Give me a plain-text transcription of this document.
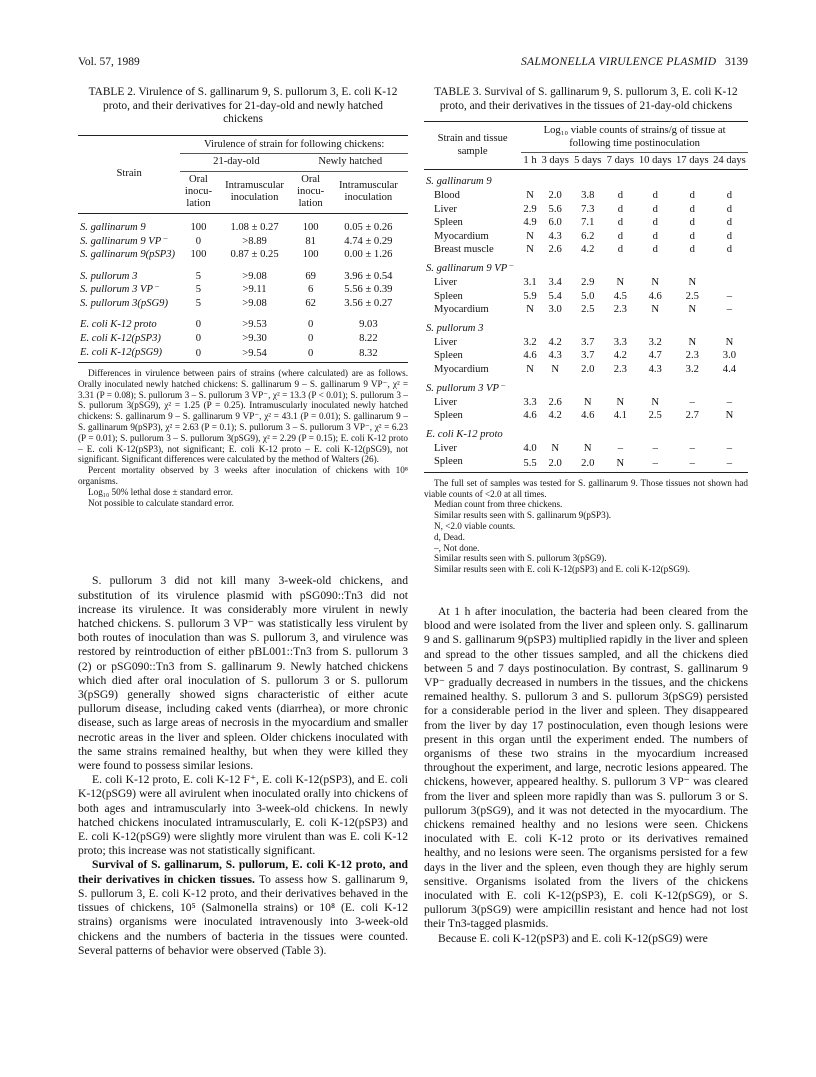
Vol. 57, 1989	SALMONELLA VIRULENCE PLASMID 3139
TABLE 2. Virulence of S. gallinarum 9, S. pullorum 3, E. coli K-12 proto, and their derivatives for 21-day-old and newly hatched chickens
Strain	Virulence of strain for following chickens:			
	21-day-old		Newly hatched	
	Oral inocu-lation	Intramuscular inoculation	Oral inocu-lation	Intramuscular inoculation

S. gallinarum 9	100	1.08 ± 0.27	100	0.05 ± 0.26
S. gallinarum 9 VP⁻	0	>8.89	81	4.74 ± 0.29
S. gallinarum 9(pSP3)	100	0.87 ± 0.25	100	0.00 ± 1.26

S. pullorum 3	5	>9.08	69	3.96 ± 0.54
S. pullorum 3 VP⁻	5	>9.11	6	5.56 ± 0.39
S. pullorum 3(pSG9)	5	>9.08	62	3.56 ± 0.27

E. coli K-12 proto	0	>9.53	0	9.03
E. coli K-12(pSP3)	0	>9.30	0	8.22
E. coli K-12(pSG9)	0	>9.54	0	8.32

Differences in virulence between pairs of strains (where calculated) are as follows. Orally inoculated newly hatched chickens: S. gallinarum 9 – S. gallinarum 9 VP⁻, χ² = 3.31 (P = 0.08); S. pullorum 3 – S. pullorum 3 VP⁻, χ² = 13.3 (P < 0.01); S. pullorum 3 – S. pullorum 3(pSG9), χ² = 1.25 (P = 0.25). Intramuscularly inoculated newly hatched chickens: S. gallinarum 9 – S. gallinarum 9 VP⁻, χ² = 43.1 (P = 0.01); S. gallinarum 9 – S. gallinarum 9(pSP3), χ² = 2.63 (P = 0.1); S. pullorum 3 – S. pullorum 3 VP⁻, χ² = 6.23 (P = 0.01); S. pullorum 3 – S. pullorum 3(pSG9), χ² = 2.29 (P = 0.15); E. coli K-12 proto – E. coli K-12(pSP3), not significant; E. coli K-12 proto – E. coli K-12(pSG9), not significant. Significant differences were calculated by the method of Walters (26).

Percent mortality observed by 3 weeks after inoculation of chickens with 10⁸ organisms.

Log₁₀ 50% lethal dose ± standard error.

Not possible to calculate standard error.

S. pullorum 3 did not kill many 3-week-old chickens, and substitution of its virulence plasmid with pSG090::Tn3 did not increase its virulence. It was considerably more virulent in newly hatched chickens. S. pullorum 3 VP⁻ was statistically less virulent by both routes of inoculation than was S. pullorum 3, and virulence was restored by reintroduction of either pBL001::Tn3 from S. pullorum 3 (2) or pSG090::Tn3 from S. gallinarum 9. Newly hatched chickens which died after oral inoculation of S. pullorum 3 or S. pullorum 3(pSG9) generally showed signs characteristic of either acute pullorum disease, including caked vents (diarrhea), or more chronic disease, such as large areas of necrosis in the myocardium and smaller necrotic areas in the liver and spleen. Older chickens inoculated with the same strains remained healthy, but when they were killed they were found to possess similar lesions.

E. coli K-12 proto, E. coli K-12 F⁺, E. coli K-12(pSP3), and E. coli K-12(pSG9) were all avirulent when inoculated orally into chickens of both ages and intramuscularly into 3-week-old chickens. In newly hatched chickens inoculated intramuscularly, E. coli K-12(pSP3) and E. coli K-12(pSG9) were slightly more virulent than was E. coli K-12 proto; this increase was not statistically significant.

Survival of S. gallinarum, S. pullorum, E. coli K-12 proto, and their derivatives in chicken tissues. To assess how S. gallinarum 9, S. pullorum 3, E. coli K-12 proto, and their derivatives behaved in the tissues of chickens, 10⁵ (Salmonella strains) or 10⁸ (E. coli K-12 strains) organisms were inoculated intravenously into 3-week-old chickens and the numbers of bacteria in the tissues were counted. Several patterns of behavior were observed (Table 3).

TABLE 3. Survival of S. gallinarum 9, S. pullorum 3, E. coli K-12 proto, and their derivatives in the tissues of 21-day-old chickens
Strain and tissue sample	Log₁₀ viable counts of strains/g of tissue at following time postinoculation						
	1 h	3 days	5 days	7 days	10 days	17 days	24 days
S. gallinarum 9							
Blood	N	2.0	3.8	d	d	d	d
Liver	2.9	5.6	7.3	d	d	d	d
Spleen	4.9	6.0	7.1	d	d	d	d
Myocardium	N	4.3	6.2	d	d	d	d
Breast muscle	N	2.6	4.2	d	d	d	d
S. gallinarum 9 VP⁻							
Liver	3.1	3.4	2.9	N	N	N	
Spleen	5.9	5.4	5.0	4.5	4.6	2.5	–
Myocardium	N	3.0	2.5	2.3	N	N	–
S. pullorum 3							
Liver	3.2	4.2	3.7	3.3	3.2	N	N
Spleen	4.6	4.3	3.7	4.2	4.7	2.3	3.0
Myocardium	N	N	2.0	2.3	4.3	3.2	4.4
S. pullorum 3 VP⁻							
Liver	3.3	2.6	N	N	N	–	–
Spleen	4.6	4.2	4.6	4.1	2.5	2.7	N
E. coli K-12 proto							
Liver	4.0	N	N	–	–	–	–
Spleen	5.5	2.0	2.0	N	–	–	–

The full set of samples was tested for S. gallinarum 9. Those tissues not shown had viable counts of <2.0 at all times.

Median count from three chickens.

Similar results seen with S. gallinarum 9(pSP3).

N, <2.0 viable counts.

d, Dead.

–, Not done.

Similar results seen with S. pullorum 3(pSG9).

Similar results seen with E. coli K-12(pSP3) and E. coli K-12(pSG9).

At 1 h after inoculation, the bacteria had been cleared from the blood and were isolated from the liver and spleen only. S. gallinarum 9 and S. gallinarum 9(pSP3) multiplied rapidly in the liver and spleen and spread to the other tissues sampled, and all the chickens died between 5 and 7 days postinoculation. By contrast, S. gallinarum 9 VP⁻ gradually decreased in numbers in the tissues, and the chickens remained healthy. S. pullorum 3 and S. pullorum 3(pSG9) persisted for a considerable period in the liver and spleen. They disappeared from the liver by day 17 postinoculation, even though lesions were present in this organ until the experiment ended. The numbers of organisms of these two strains in the myocardium increased throughout the experiment, and large, necrotic lesions appeared. The chickens, however, appeared healthy. S. pullorum 3 VP⁻ was cleared from the liver and spleen more rapidly than was S. pullorum 3 or S. pullorum 3(pSG9), and it was not detected in the myocardium. The chickens remained healthy and no lesions were seen. Chickens inoculated with E. coli K-12 proto or its derivatives remained healthy, and no lesions were seen. The organisms persisted for a few days in the liver and the spleen, even though they are highly serum sensitive. Organisms isolated from the livers of the chickens inoculated with E. coli K-12(pSP3), E. coli K-12(pSG9), or S. pullorum 3(pSG9) were ampicillin resistant and hence had not lost their Tn3-tagged plasmids.

Because E. coli K-12(pSP3) and E. coli K-12(pSG9) were
